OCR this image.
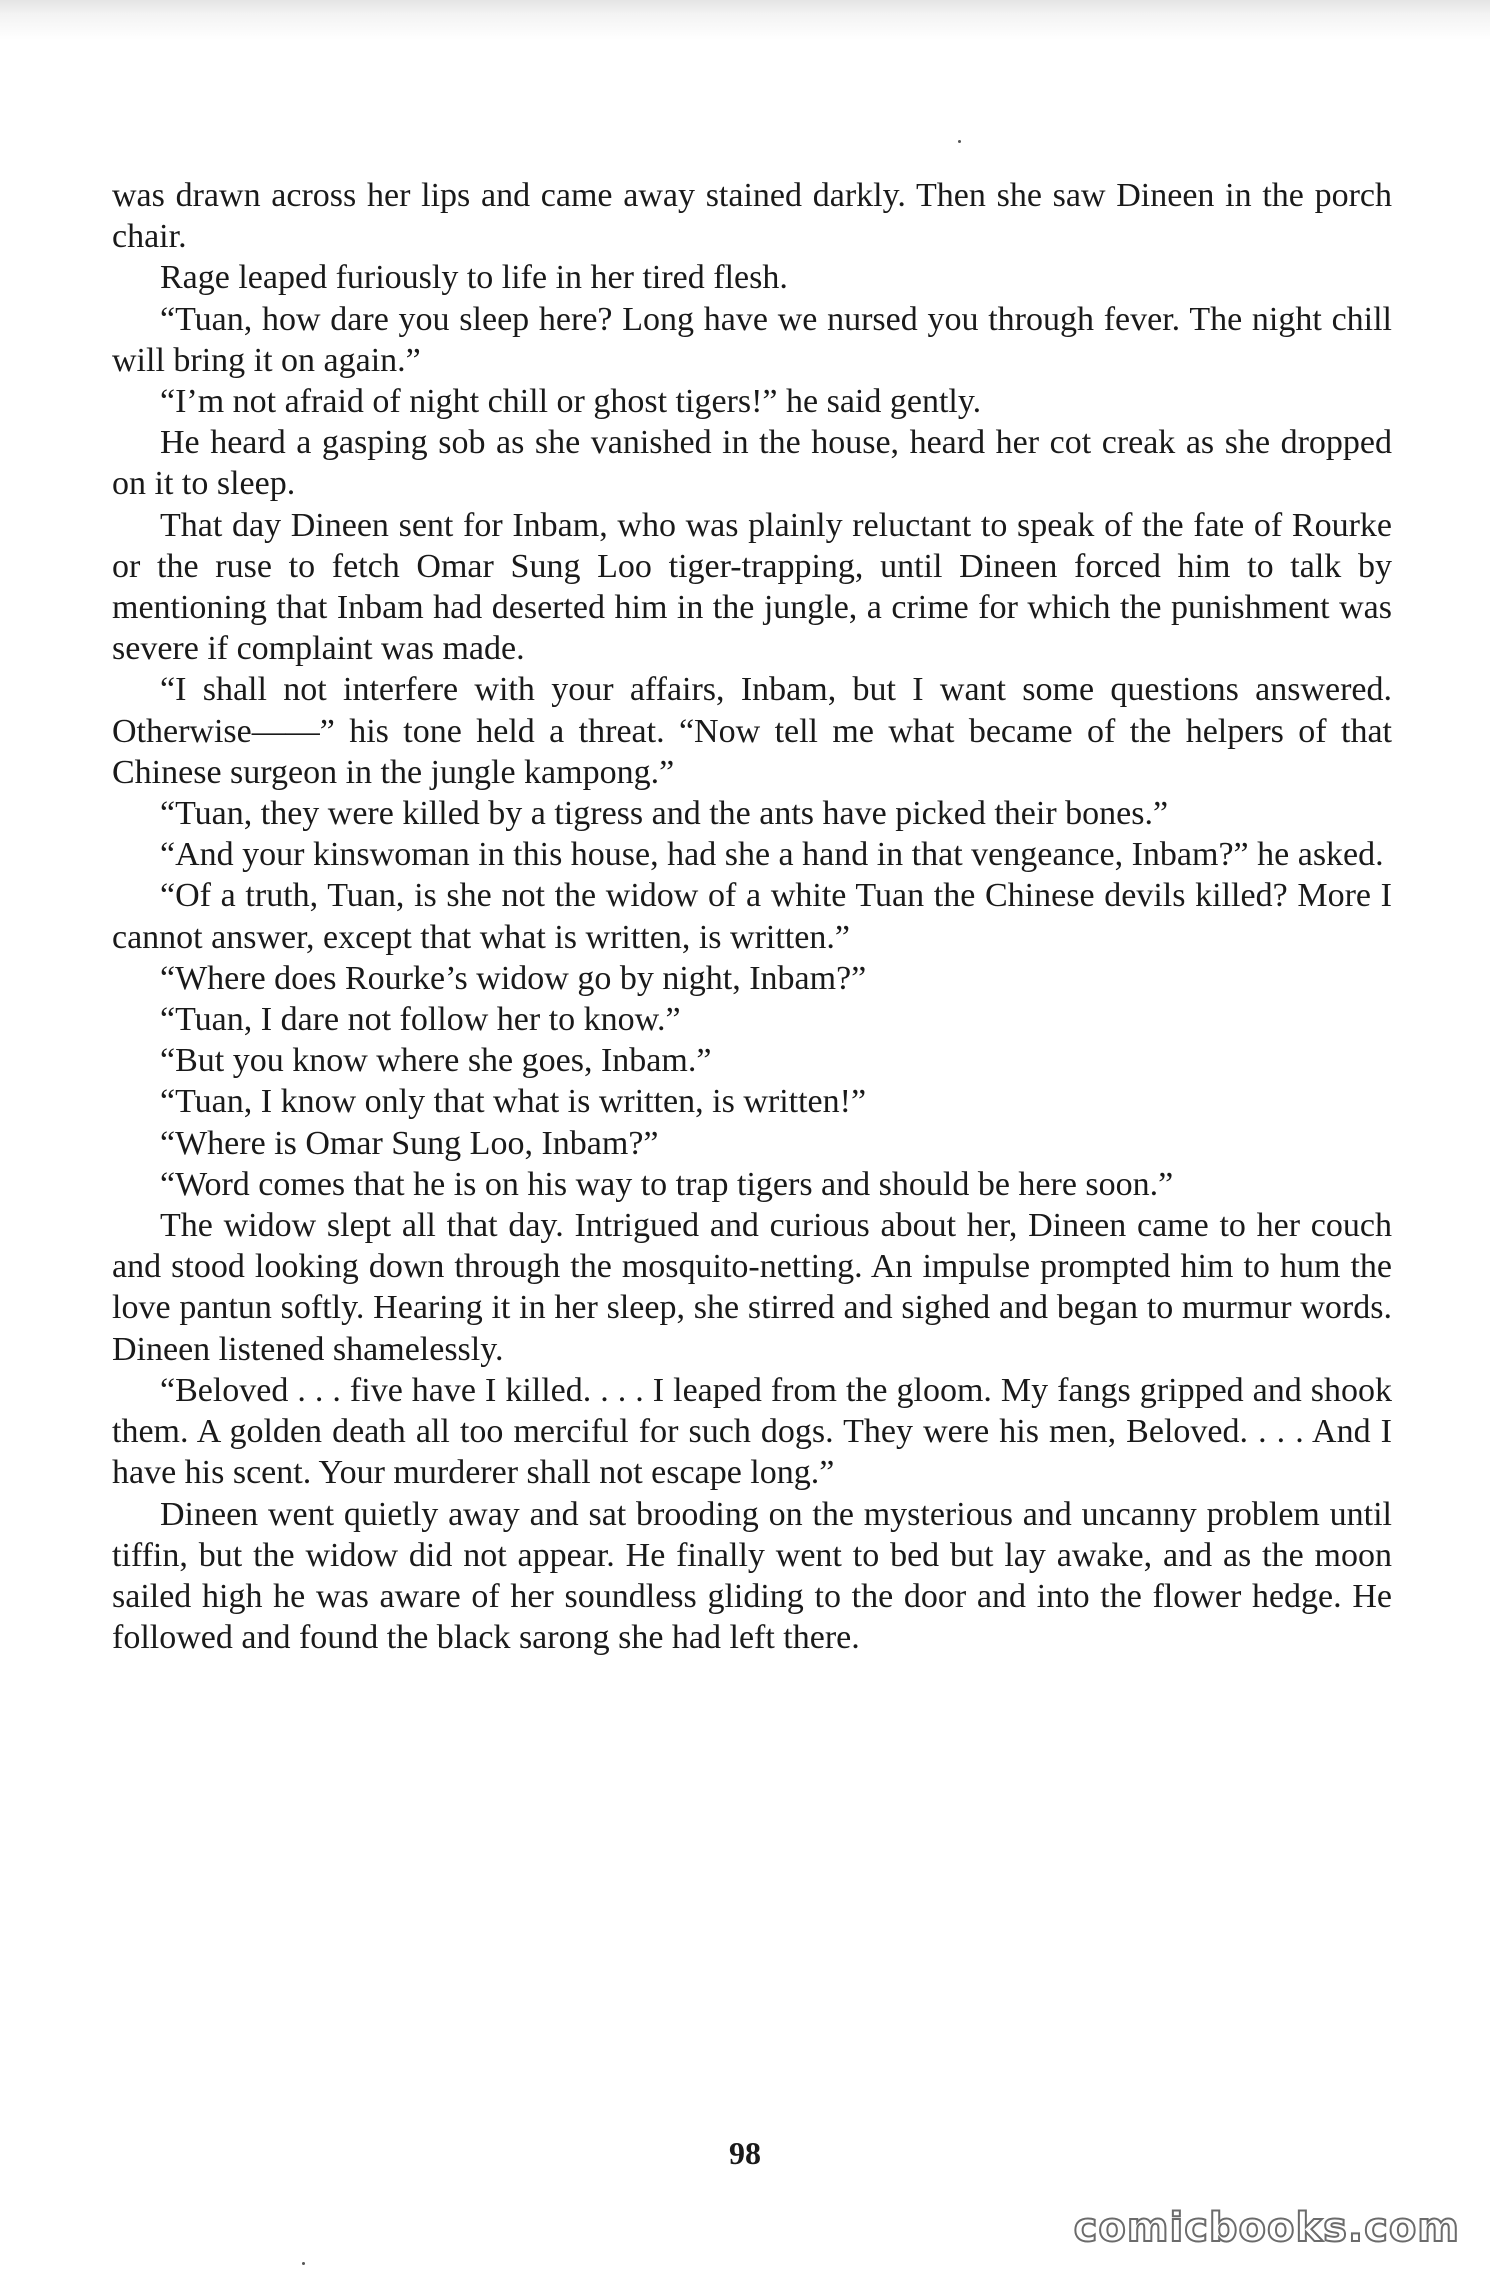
was drawn across her lips and came away stained darkly. Then she saw Dineen in the porch chair.

Rage leaped furiously to life in her tired flesh.

“Tuan, how dare you sleep here? Long have we nursed you through fever. The night chill will bring it on again.”

“I’m not afraid of night chill or ghost tigers!” he said gently.

He heard a gasping sob as she vanished in the house, heard her cot creak as she dropped on it to sleep.

That day Dineen sent for Inbam, who was plainly reluctant to speak of the fate of Rourke or the ruse to fetch Omar Sung Loo tiger-trapping, until Dineen forced him to talk by mentioning that Inbam had deserted him in the jungle, a crime for which the punishment was severe if complaint was made.

“I shall not interfere with your affairs, Inbam, but I want some questions answered. Otherwise——” his tone held a threat. “Now tell me what became of the helpers of that Chinese surgeon in the jungle kampong.”

“Tuan, they were killed by a tigress and the ants have picked their bones.”

“And your kinswoman in this house, had she a hand in that vengeance, Inbam?” he asked.

“Of a truth, Tuan, is she not the widow of a white Tuan the Chinese devils killed? More I cannot answer, except that what is written, is written.”

“Where does Rourke’s widow go by night, Inbam?”

“Tuan, I dare not follow her to know.”

“But you know where she goes, Inbam.”

“Tuan, I know only that what is written, is written!”

“Where is Omar Sung Loo, Inbam?”

“Word comes that he is on his way to trap tigers and should be here soon.”

The widow slept all that day. Intrigued and curious about her, Dineen came to her couch and stood looking down through the mosquito-netting. An impulse prompted him to hum the love pantun softly. Hearing it in her sleep, she stirred and sighed and began to murmur words. Dineen listened shamelessly.

“Beloved . . . five have I killed. . . . I leaped from the gloom. My fangs gripped and shook them. A golden death all too merciful for such dogs. They were his men, Beloved. . . . And I have his scent. Your murderer shall not escape long.”

Dineen went quietly away and sat brooding on the mysterious and uncanny problem until tiffin, but the widow did not appear. He finally went to bed but lay awake, and as the moon sailed high he was aware of her soundless gliding to the door and into the flower hedge. He followed and found the black sarong she had left there.

98
comicbooks.com
